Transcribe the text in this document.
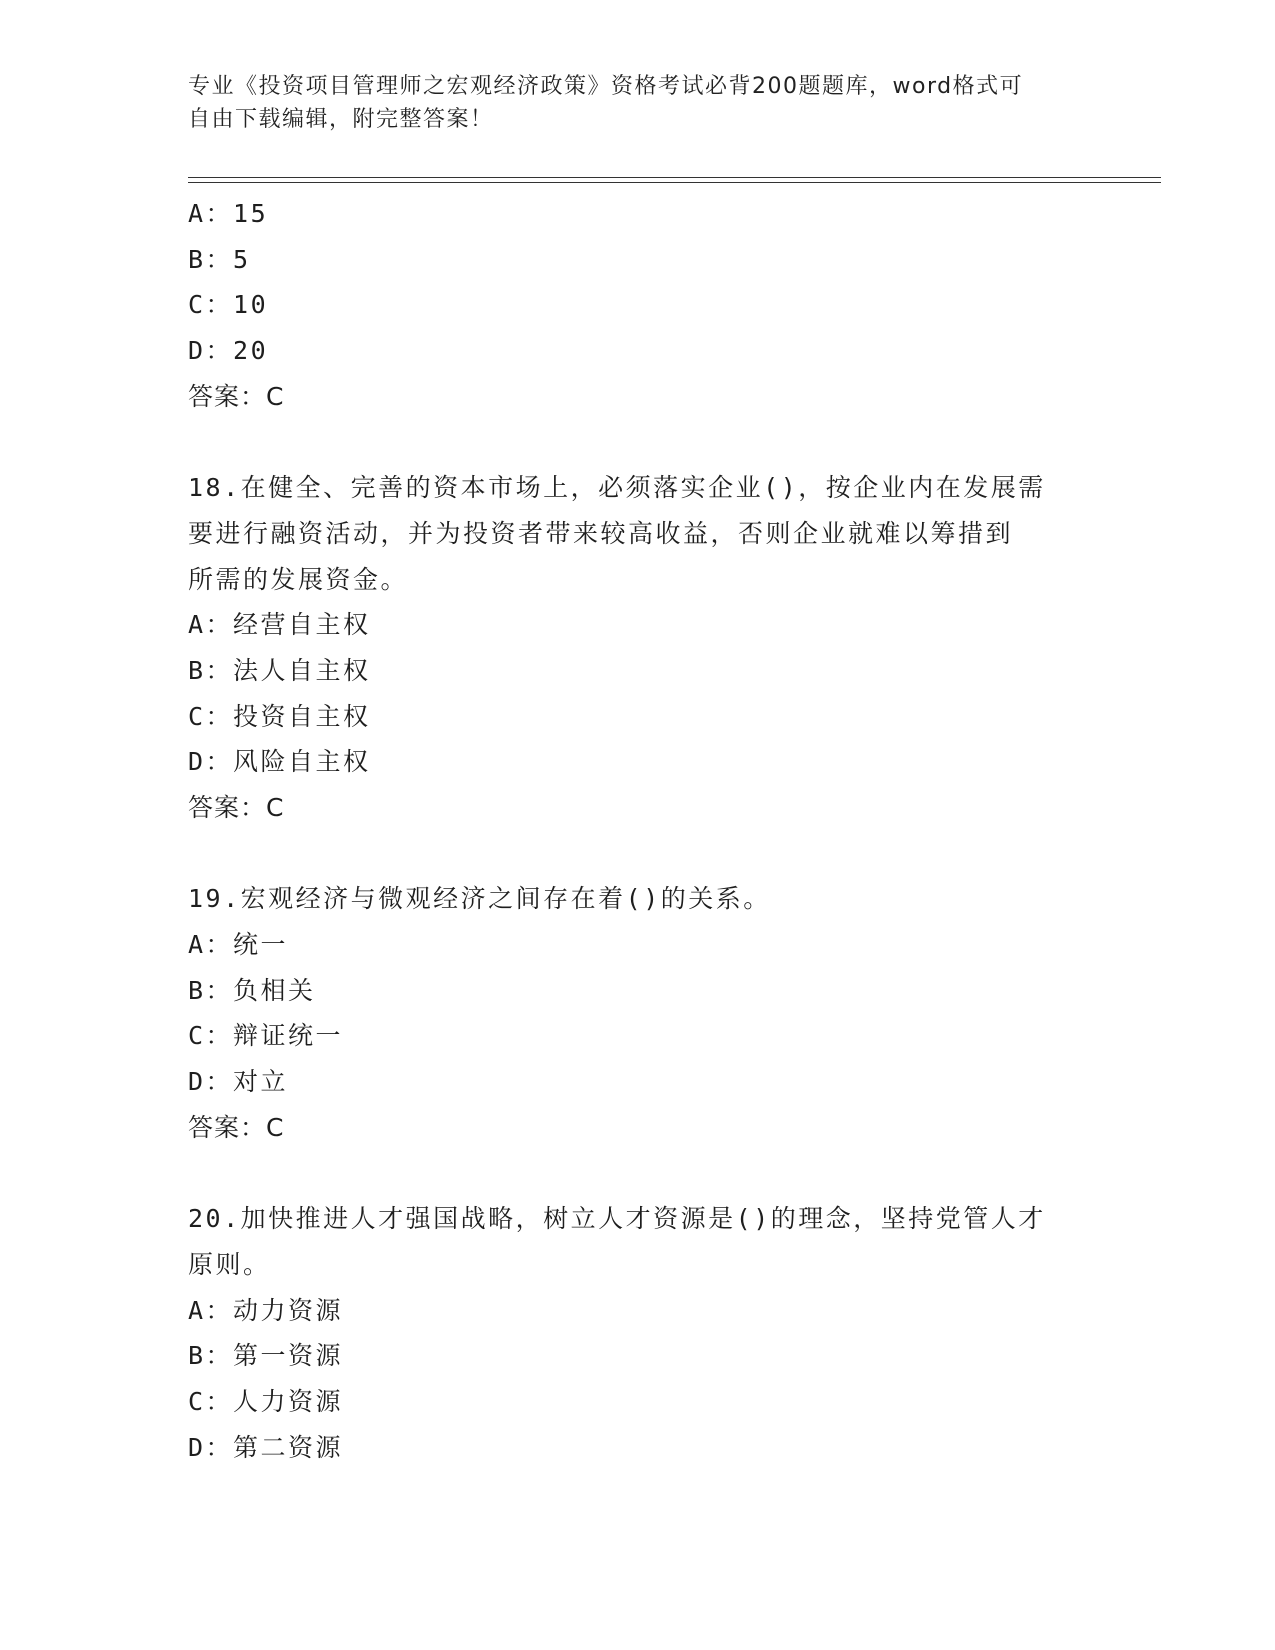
专业《投资项目管理师之宏观经济政策》资格考试必背200题题库，word格式可
自由下载编辑，附完整答案！
A：15
B：5
C：10
D：20
答案：C
18.在健全、完善的资本市场上，必须落实企业()，按企业内在发展需
要进行融资活动，并为投资者带来较高收益，否则企业就难以筹措到
所需的发展资金。
A：经营自主权
B：法人自主权
C：投资自主权
D：风险自主权
答案：C
19.宏观经济与微观经济之间存在着()的关系。
A：统一
B：负相关
C：辩证统一
D：对立
答案：C
20.加快推进人才强国战略，树立人才资源是()的理念，坚持党管人才
原则。
A：动力资源
B：第一资源
C：人力资源
D：第二资源
